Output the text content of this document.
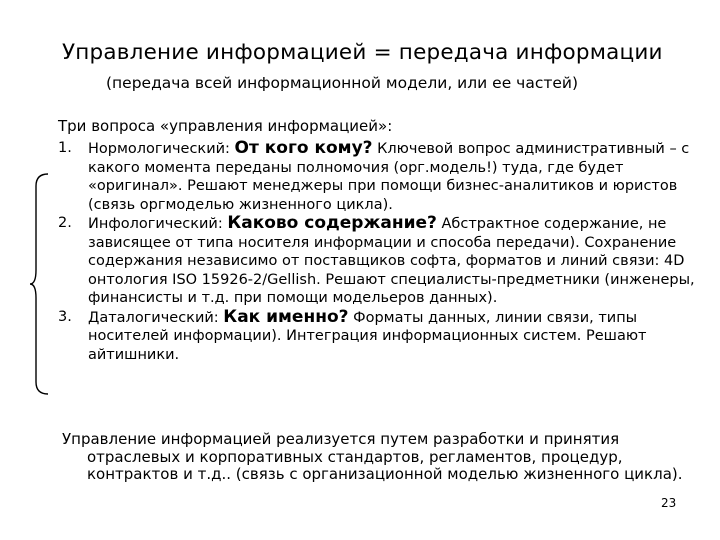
Управление информацией = передача информации
(передача всей информационной модели, или ее частей)
Три вопроса «управления информацией»:
1. Нормологический: От кого кому? Ключевой вопрос административный – с какого момента переданы полномочия (орг.модель!) туда, где будет «оригинал». Решают менеджеры при помощи бизнес-аналитиков и юристов (связь оргмоделью жизненного цикла).
2. Инфологический: Каково содержание? Абстрактное содержание, не зависящее от типа носителя информации и способа передачи). Сохранение содержания независимо от поставщиков софта, форматов и линий связи: 4D онтология ISO 15926-2/Gellish. Решают специалисты-предметники (инженеры, финансисты и т.д. при помощи модельеров данных).
3. Даталогический: Как именно? Форматы данных, линии связи, типы носителей информации). Интеграция информационных систем. Решают айтишники.
Управление информацией реализуется путем разработки и принятия отраслевых и корпоративных стандартов, регламентов, процедур, контрактов и т.д.. (связь с организационной моделью жизненного цикла).
23
